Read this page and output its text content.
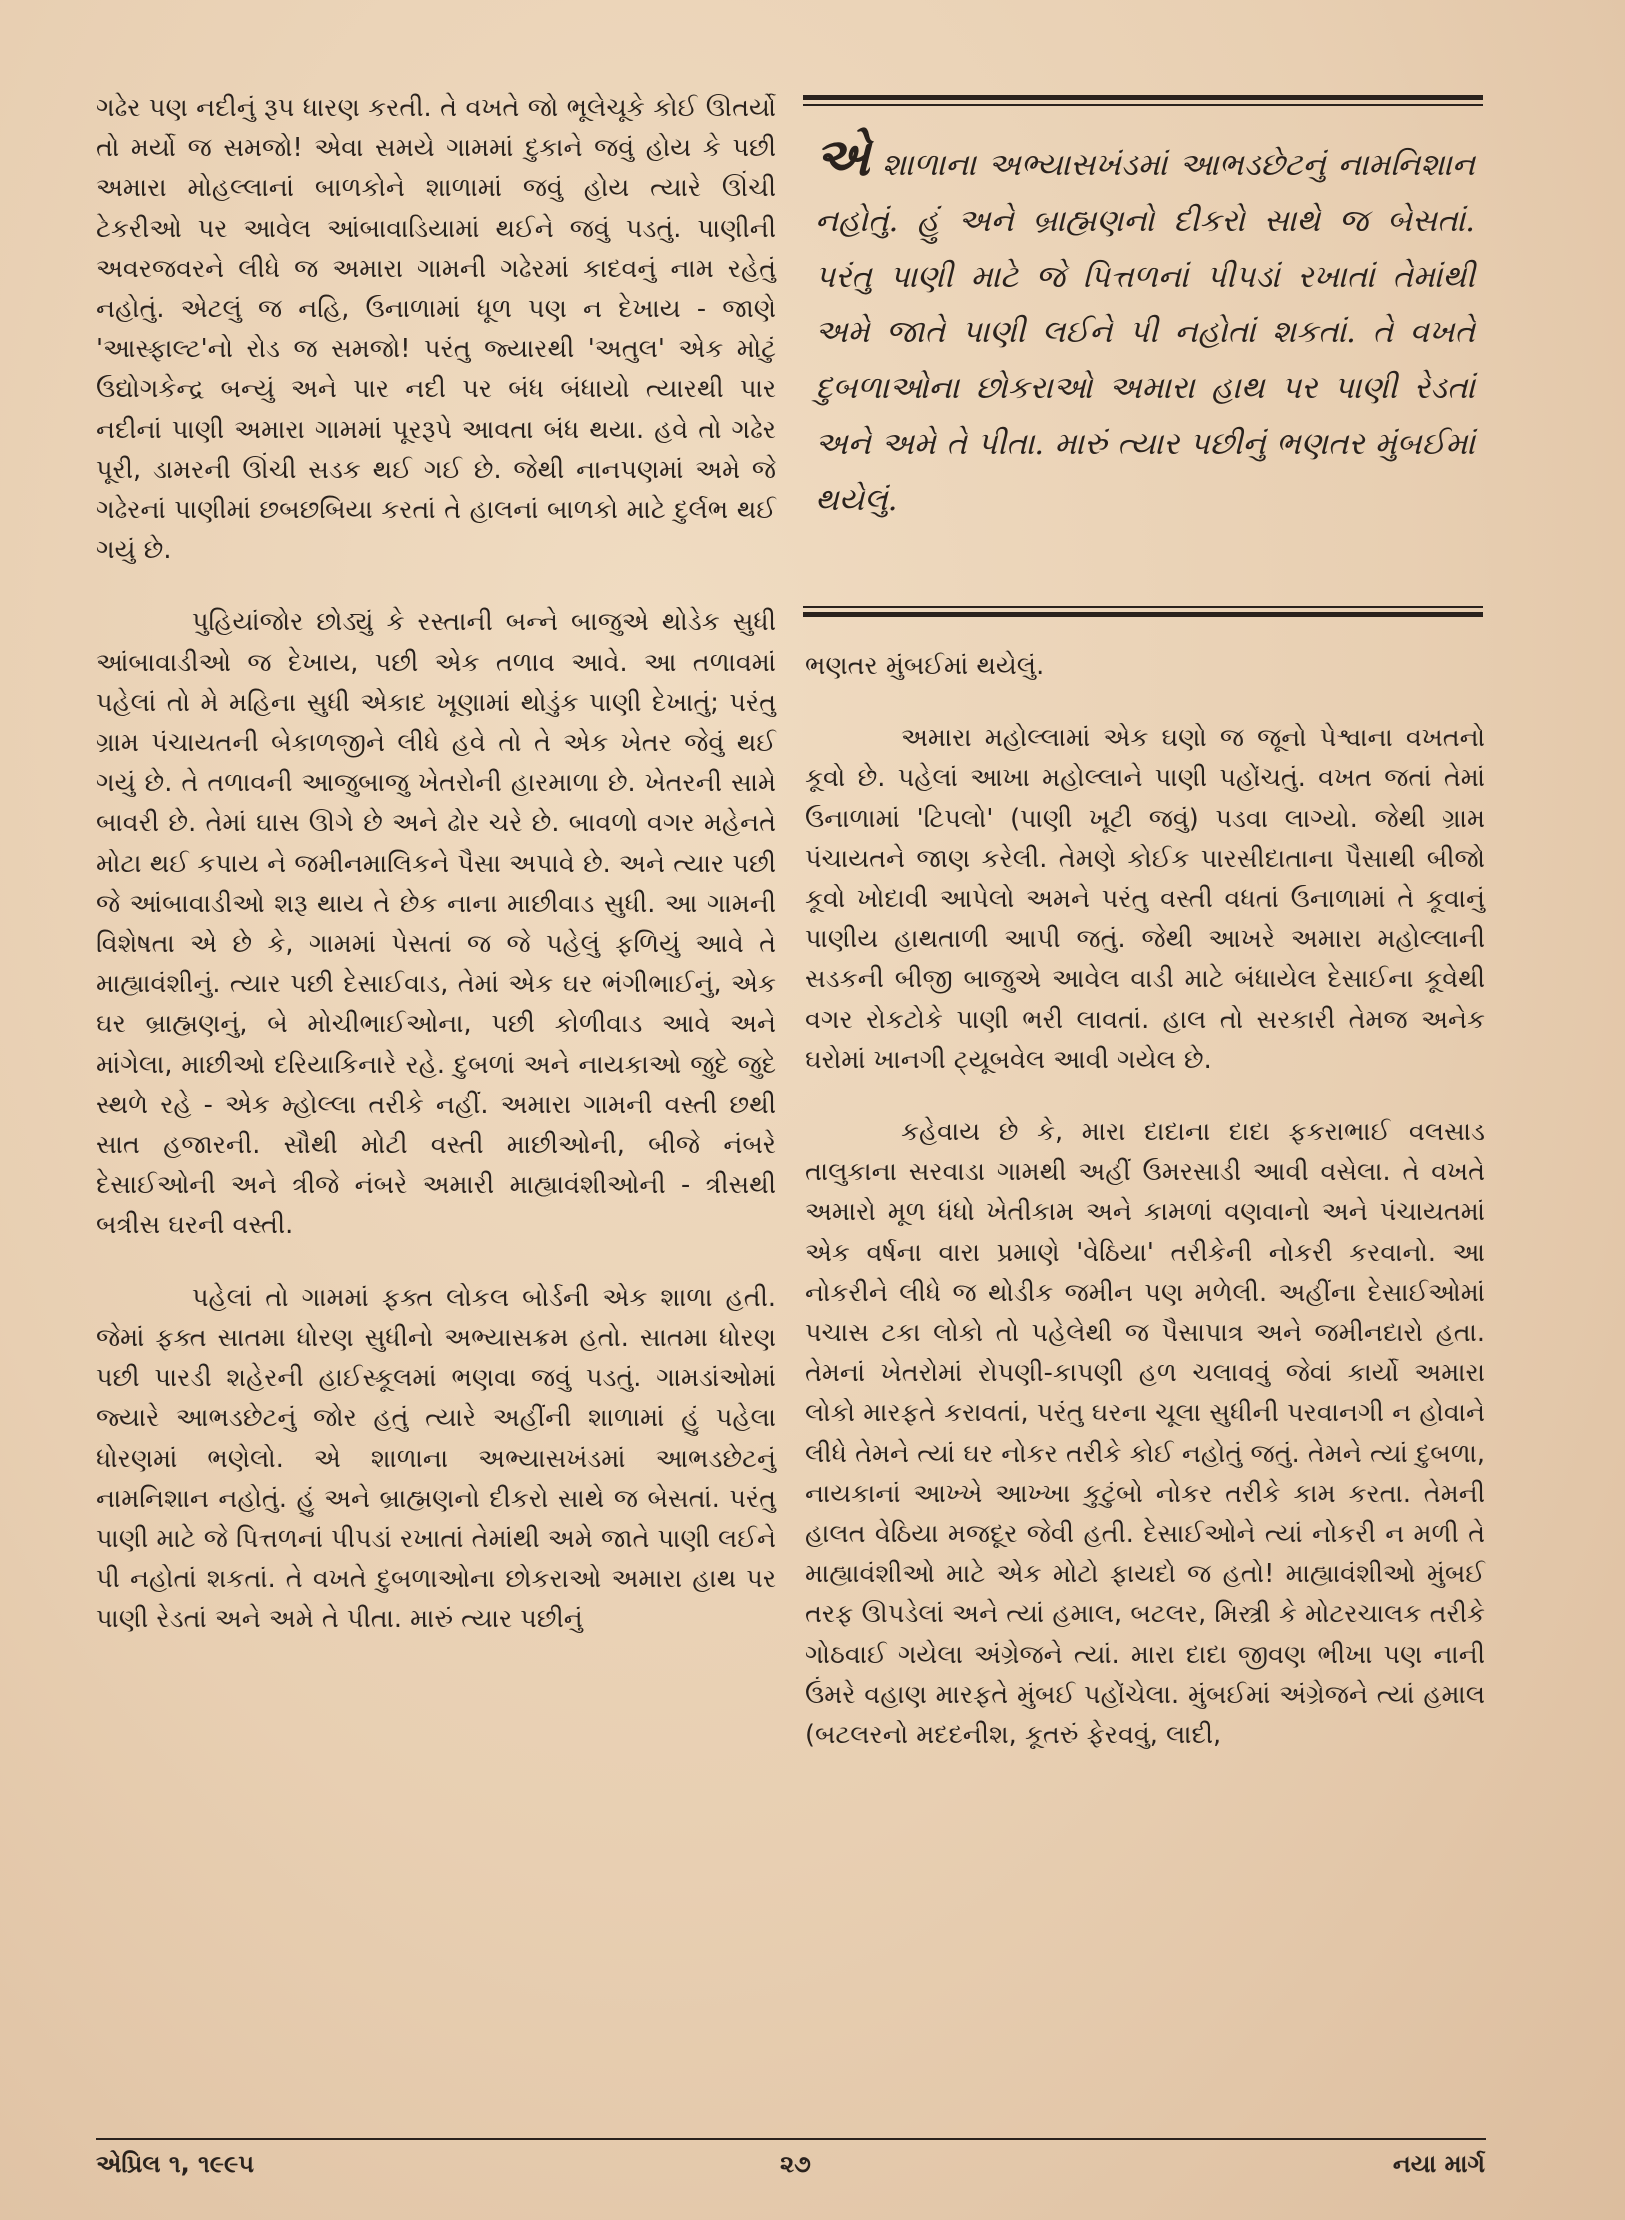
ગઢેર પણ નદીનું રૂપ ધારણ કરતી. તે વખતે જો ભૂલેચૂકે કોઈ ઊતર્યો તો મર્યો જ સમજો! એવા સમયે ગામમાં દુકાને જવું હોય કે પછી અમારા મોહલ્લાનાં બાળકોને શાળામાં જવું હોય ત્યારે ઊંચી ટેકરીઓ પર આવેલ આંબાવાડિયામાં થઈને જવું પડતું. પાણીની અવરજવરને લીધે જ અમારા ગામની ગઢેરમાં કાદવનું નામ રહેતું નહોતું. એટલું જ નહિ, ઉનાળામાં ધૂળ પણ ન દેખાય - જાણે 'આસ્ફાલ્ટ'નો રોડ જ સમજો! પરંતુ જ્યારથી 'અતુલ' એક મોટું ઉદ્યોગકેન્દ્ર બન્યું અને પાર નદી પર બંધ બંધાયો ત્યારથી પાર નદીનાં પાણી અમારા ગામમાં પૂરરૂપે આવતા બંધ થયા. હવે તો ગઢેર પૂરી, ડામરની ઊંચી સડક થઈ ગઈ છે. જેથી નાનપણમાં અમે જે ગઢેરનાં પાણીમાં છબછબિયા કરતાં તે હાલનાં બાળકો માટે દુર્લભ થઈ ગયું છે.

પુહિયાંજોર છોડ્યું કે રસ્તાની બન્ને બાજુએ થોડેક સુધી આંબાવાડીઓ જ દેખાય, પછી એક તળાવ આવે. આ તળાવમાં પહેલાં તો મે મહિના સુધી એકાદ ખૂણામાં થોડુંક પાણી દેખાતું; પરંતુ ગ્રામ પંચાયતની બેકાળજીને લીધે હવે તો તે એક ખેતર જેવું થઈ ગયું છે. તે તળાવની આજુબાજુ ખેતરોની હારમાળા છે. ખેતરની સામે બાવરી છે. તેમાં ઘાસ ઊગે છે અને ઢોર ચરે છે. બાવળો વગર મહેનતે મોટા થઈ કપાય ને જમીનમાલિકને પૈસા અપાવે છે. અને ત્યાર પછી જે આંબાવાડીઓ શરૂ થાય તે છેક નાના માછીવાડ સુધી. આ ગામની વિશેષતા એ છે કે, ગામમાં પેસતાં જ જે પહેલું ફળિયું આવે તે માહ્યાવંશીનું. ત્યાર પછી દેસાઈવાડ, તેમાં એક ઘર ભંગીભાઈનું, એક ઘર બ્રાહ્મણનું, બે મોચીભાઈઓના, પછી કોળીવાડ આવે અને માંગેલા, માછીઓ દરિયાકિનારે રહે. દુબળાં અને નાયકાઓ જુદે જુદે સ્થળે રહે - એક મ્હોલ્લા તરીકે નહીં. અમારા ગામની વસ્તી છથી સાત હજારની. સૌથી મોટી વસ્તી માછીઓની, બીજે નંબરે દેસાઈઓની અને ત્રીજે નંબરે અમારી માહ્યાવંશીઓની - ત્રીસથી બત્રીસ ઘરની વસ્તી.

પહેલાં તો ગામમાં ફક્ત લોકલ બોર્ડની એક શાળા હતી. જેમાં ફક્ત સાતમા ધોરણ સુધીનો અભ્યાસક્રમ હતો. સાતમા ધોરણ પછી પારડી શહેરની હાઈસ્કૂલમાં ભણવા જવું પડતું. ગામડાંઓમાં જ્યારે આભડછેટનું જોર હતું ત્યારે અહીંની શાળામાં હું પહેલા ધોરણમાં ભણેલો. એ શાળાના અભ્યાસખંડમાં આભડછેટનું નામનિશાન નહોતું. હું અને બ્રાહ્મણનો દીકરો સાથે જ બેસતાં. પરંતુ પાણી માટે જે પિત્તળનાં પીપડાં રખાતાં તેમાંથી અમે જાતે પાણી લઈને પી નહોતાં શકતાં. તે વખતે દુબળાઓના છોકરાઓ અમારા હાથ પર પાણી રેડતાં અને અમે તે પીતા. મારું ત્યાર પછીનું

એ શાળાના અભ્યાસખંડમાં આભડછેટનું નામનિશાન નહોતું. હું અને બ્રાહ્મણનો દીકરો સાથે જ બેસતાં. પરંતુ પાણી માટે જે પિત્તળનાં પીપડાં રખાતાં તેમાંથી અમે જાતે પાણી લઈને પી નહોતાં શકતાં. તે વખતે દુબળાઓના છોકરાઓ અમારા હાથ પર પાણી રેડતાં અને અમે તે પીતા. મારું ત્યાર પછીનું ભણતર મુંબઈમાં થયેલું.

ભણતર મુંબઈમાં થયેલું.

અમારા મહોલ્લામાં એક ઘણો જ જૂનો પેશ્વાના વખતનો કૂવો છે. પહેલાં આખા મહોલ્લાને પાણી પહોંચતું. વખત જતાં તેમાં ઉનાળામાં 'ટિપલો' (પાણી ખૂટી જવું) પડવા લાગ્યો. જેથી ગ્રામ પંચાયતને જાણ કરેલી. તેમણે કોઈક પારસીદાતાના પૈસાથી બીજો કૂવો ખોદાવી આપેલો અમને પરંતુ વસ્તી વધતાં ઉનાળામાં તે કૂવાનું પાણીય હાથતાળી આપી જતું. જેથી આખરે અમારા મહોલ્લાની સડકની બીજી બાજુએ આવેલ વાડી માટે બંધાયેલ દેસાઈના કૂવેથી વગર રોકટોકે પાણી ભરી લાવતાં. હાલ તો સરકારી તેમજ અનેક ઘરોમાં ખાનગી ટ્યૂબવેલ આવી ગયેલ છે.

કહેવાય છે કે, મારા દાદાના દાદા ફકરાભાઈ વલસાડ તાલુકાના સરવાડા ગામથી અહીં ઉમરસાડી આવી વસેલા. તે વખતે અમારો મૂળ ધંધો ખેતીકામ અને કામળાં વણવાનો અને પંચાયતમાં એક વર્ષના વારા પ્રમાણે 'વેઠિયા' તરીકેની નોકરી કરવાનો. આ નોકરીને લીધે જ થોડીક જમીન પણ મળેલી. અહીંના દેસાઈઓમાં પચાસ ટકા લોકો તો પહેલેથી જ પૈસાપાત્ર અને જમીનદારો હતા. તેમનાં ખેતરોમાં રોપણી-કાપણી હળ ચલાવવું જેવાં કાર્યો અમારા લોકો મારફતે કરાવતાં, પરંતુ ઘરના ચૂલા સુધીની પરવાનગી ન હોવાને લીધે તેમને ત્યાં ઘર નોકર તરીકે કોઈ નહોતું જતું. તેમને ત્યાં દુબળા, નાયકાનાં આખ્ખે આખ્ખા કુટુંબો નોકર તરીકે કામ કરતા. તેમની હાલત વેઠિયા મજદૂર જેવી હતી. દેસાઈઓને ત્યાં નોકરી ન મળી તે માહ્યાવંશીઓ માટે એક મોટો ફાયદો જ હતો! માહ્યાવંશીઓ મુંબઈ તરફ ઊપડેલાં અને ત્યાં હમાલ, બટલર, મિસ્ત્રી કે મોટરચાલક તરીકે ગોઠવાઈ ગયેલા અંગ્રેજને ત્યાં. મારા દાદા જીવણ ભીખા પણ નાની ઉંમરે વહાણ મારફતે મુંબઈ પહોંચેલા. મુંબઈમાં અંગ્રેજને ત્યાં હમાલ (બટલરનો મદદનીશ, કૂતરું ફેરવવું, લાદી,

એપ્રિલ ૧, ૧૯૯૫	૨૭	નયા માર્ગ
